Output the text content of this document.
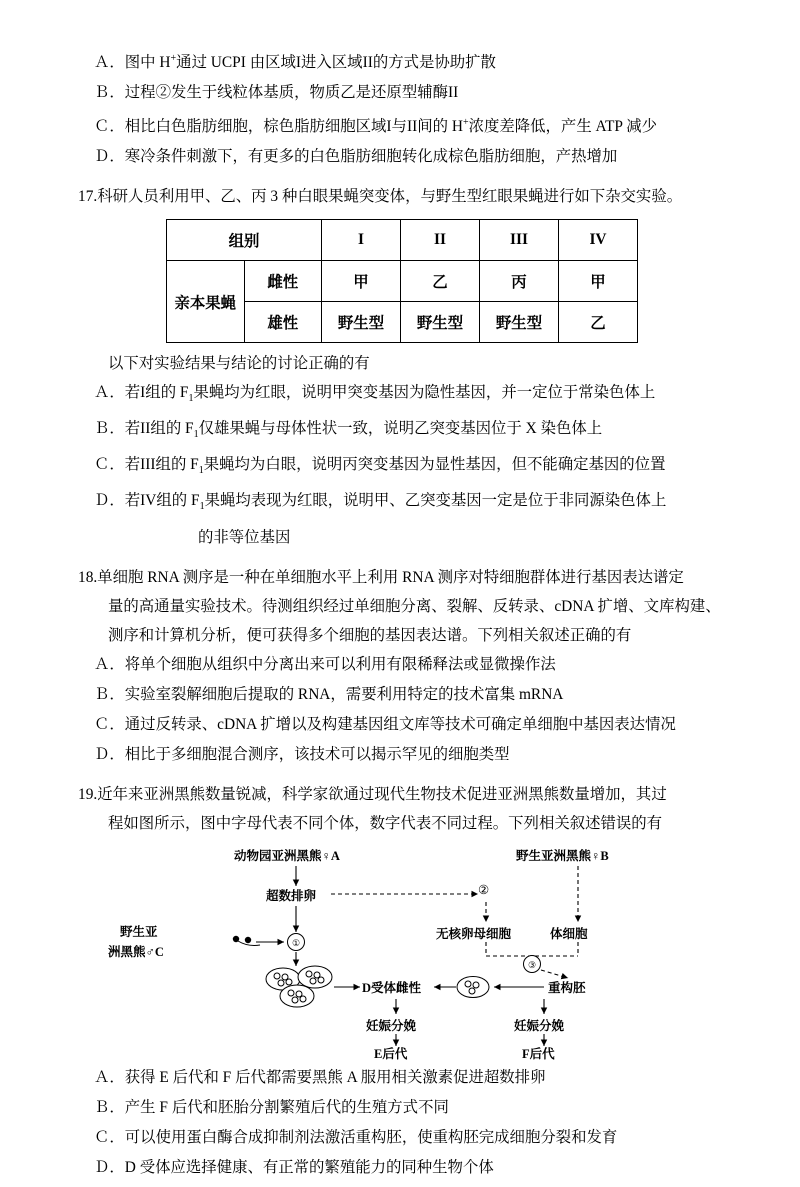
Ａ．图中 H+通过 UCPI 由区域I进入区域II的方式是协助扩散
Ｂ．过程②发生于线粒体基质，物质乙是还原型辅酶II
Ｃ．相比白色脂肪细胞，棕色脂肪细胞区域I与II间的 H+浓度差降低，产生 ATP 减少
Ｄ．寒冷条件刺激下，有更多的白色脂肪细胞转化成棕色脂肪细胞，产热增加
17.科研人员利用甲、乙、丙 3 种白眼果蝇突变体，与野生型红眼果蝇进行如下杂交实验。
组别		I	II	III	IV
亲本果蝇	雌性	甲	乙	丙	甲
	雄性	野生型	野生型	野生型	乙
以下对实验结果与结论的讨论正确的有
Ａ．若I组的 $F_1$果蝇均为红眼，说明甲突变基因为隐性基因，并一定位于常染色体上
Ｂ．若II组的 $F_1$仅雄果蝇与母体性状一致，说明乙突变基因位于 X 染色体上
Ｃ．若III组的 $F_1$果蝇均为白眼，说明丙突变基因为显性基因，但不能确定基因的位置
Ｄ．若IV组的 $F_1$果蝇均表现为红眼，说明甲、乙突变基因一定是位于非同源染色体上
的非等位基因
18.单细胞 RNA 测序是一种在单细胞水平上利用 RNA 测序对特细胞群体进行基因表达谱定
量的高通量实验技术。待测组织经过单细胞分离、裂解、反转录、cDNA 扩增、文库构建、
测序和计算机分析，便可获得多个细胞的基因表达谱。下列相关叙述正确的有
Ａ．将单个细胞从组织中分离出来可以利用有限稀释法或显微操作法
Ｂ．实验室裂解细胞后提取的 RNA，需要利用特定的技术富集 mRNA
Ｃ．通过反转录、cDNA 扩增以及构建基因组文库等技术可确定单细胞中基因表达情况
Ｄ．相比于多细胞混合测序，该技术可以揭示罕见的细胞类型
19.近年来亚洲黑熊数量锐减，科学家欲通过现代生物技术促进亚洲黑熊数量增加，其过
程如图所示，图中字母代表不同个体，数字代表不同过程。下列相关叙述错误的有
①
③
动物园亚洲黑熊♀A	野生亚洲黑熊♀B
超数排卵	②
野生亚
洲黑熊♂C
无核卵母细胞	体细胞
D受体雌性	重构胚
妊娠分娩	妊娠分娩
E后代	F后代
Ａ．获得 E 后代和 F 后代都需要黑熊 A 服用相关激素促进超数排卵
Ｂ．产生 F 后代和胚胎分割繁殖后代的生殖方式不同
Ｃ．可以使用蛋白酶合成抑制剂法激活重构胚，使重构胚完成细胞分裂和发育
Ｄ．D 受体应选择健康、有正常的繁殖能力的同种生物个体
